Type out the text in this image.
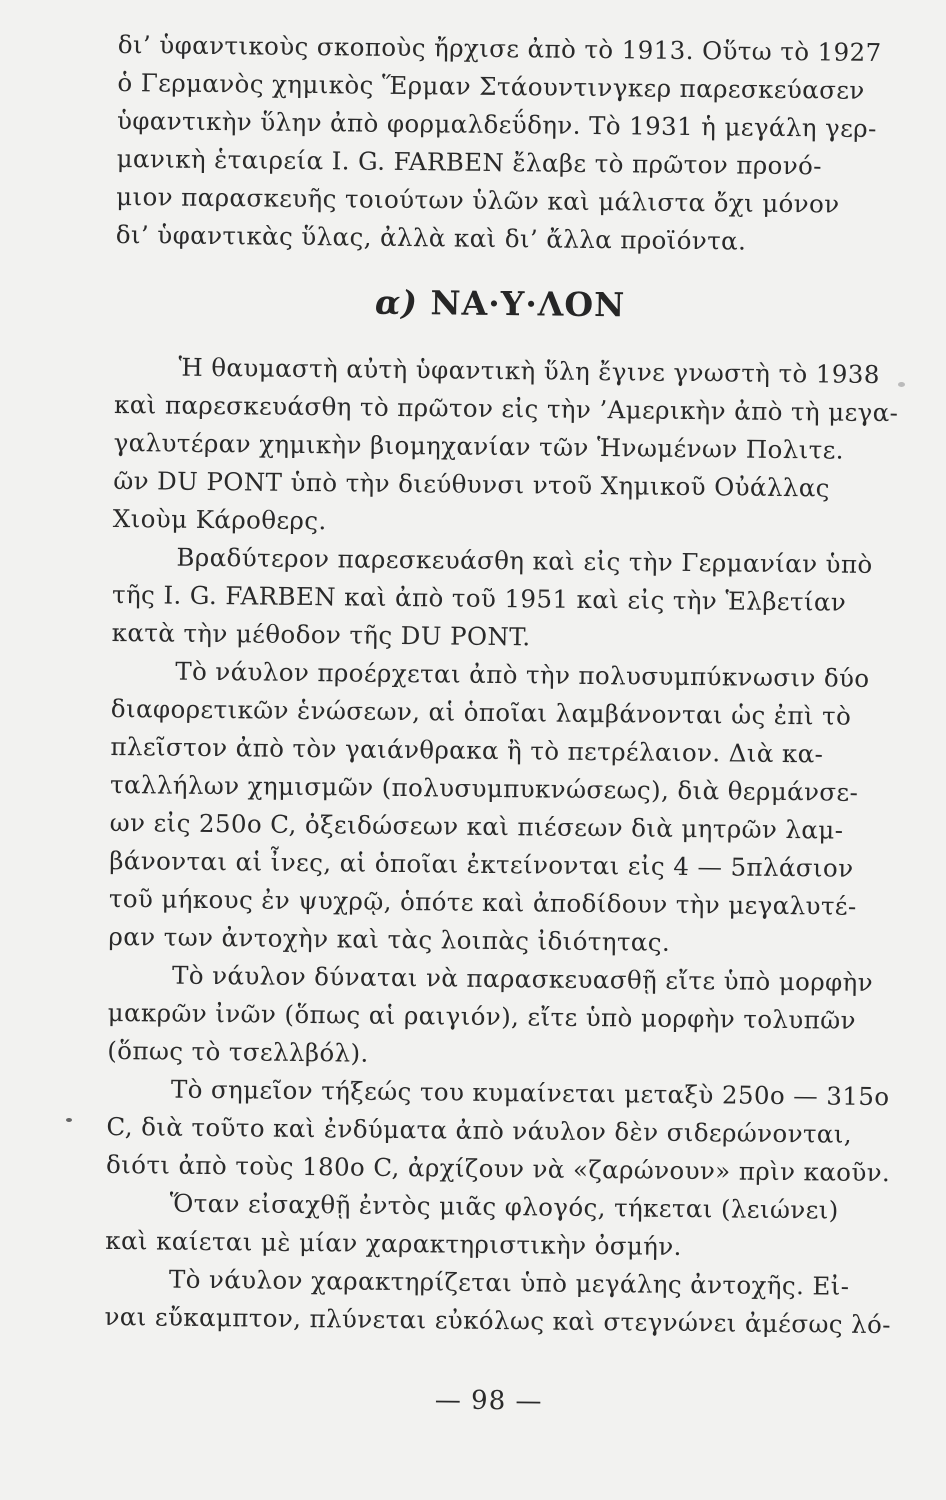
δι’ ὑφαντικοὺς σκοποὺς ἤρχισε ἀπὸ τὸ 1913. Οὕτω τὸ 1927
ὁ Γερμανὸς χημικὸς Ἕρμαν Στάουντινγκερ παρεσκεύασεν
ὑφαντικὴν ὕλην ἀπὸ φορμαλδεΰδην. Τὸ 1931 ἡ μεγάλη γερ-
μανικὴ ἑταιρεία I. G. FARBEN ἔλαβε τὸ πρῶτον προνό-
μιον παρασκευῆς τοιούτων ὑλῶν καὶ μάλιστα ὄχι μόνον
δι’ ὑφαντικὰς ὕλας, ἀλλὰ καὶ δι’ ἄλλα προϊόντα.
α) ΝΑ·Υ·ΛΟΝ
Ἡ θαυμαστὴ αὐτὴ ὑφαντικὴ ὕλη ἔγινε γνωστὴ τὸ 1938
καὶ παρεσκευάσθη τὸ πρῶτον εἰς τὴν ’Αμερικὴν ἀπὸ τὴ μεγα-
γαλυτέραν χημικὴν βιομηχανίαν τῶν Ἡνωμένων Πολιτε.
ῶν DU PONT ὑπὸ τὴν διεύθυνσι ντοῦ Χημικοῦ Οὐάλλας
Χιοὺμ Κάροθερς.
Βραδύτερον παρεσκευάσθη καὶ εἰς τὴν Γερμανίαν ὑπὸ
τῆς I. G. FARBEN καὶ ἀπὸ τοῦ 1951 καὶ εἰς τὴν Ἑλβετίαν
κατὰ τὴν μέθοδον τῆς DU PONT.
Τὸ νάυλον προέρχεται ἀπὸ τὴν πολυσυμπύκνωσιν δύο
διαφορετικῶν ἑνώσεων, αἱ ὁποῖαι λαμβάνονται ὡς ἐπὶ τὸ
πλεῖστον ἀπὸ τὸν γαιάνθρακα ἢ τὸ πετρέλαιον. Διὰ κα-
ταλλήλων χημισμῶν (πολυσυμπυκνώσεως), διὰ θερμάνσε-
ων εἰς 250ο C, ὀξειδώσεων καὶ πιέσεων διὰ μητρῶν λαμ-
βάνονται αἱ ἶνες, αἱ ὁποῖαι ἐκτείνονται εἰς 4 — 5πλάσιον
τοῦ μήκους ἐν ψυχρῷ, ὁπότε καὶ ἀποδίδουν τὴν μεγαλυτέ-
ραν των ἀντοχὴν καὶ τὰς λοιπὰς ἰδιότητας.
Τὸ νάυλον δύναται νὰ παρασκευασθῇ εἴτε ὑπὸ μορφὴν
μακρῶν ἰνῶν (ὅπως αἱ ραιγιόν), εἴτε ὑπὸ μορφὴν τολυπῶν
(ὅπως τὸ τσελλβόλ).
Τὸ σημεῖον τήξεώς του κυμαίνεται μεταξὺ 250ο — 315ο
C, διὰ τοῦτο καὶ ἐνδύματα ἀπὸ νάυλον δὲν σιδερώνονται,
διότι ἀπὸ τοὺς 180ο C, ἀρχίζουν νὰ «ζαρώνουν» πρὶν καοῦν.
Ὅταν εἰσαχθῇ ἐντὸς μιᾶς φλογός, τήκεται (λειώνει)
καὶ καίεται μὲ μίαν χαρακτηριστικὴν ὀσμήν.
Τὸ νάυλον χαρακτηρίζεται ὑπὸ μεγάλης ἀντοχῆς. Εἰ-
ναι εὔκαμπτον, πλύνεται εὐκόλως καὶ στεγνώνει ἀμέσως λό-
— 98 —
